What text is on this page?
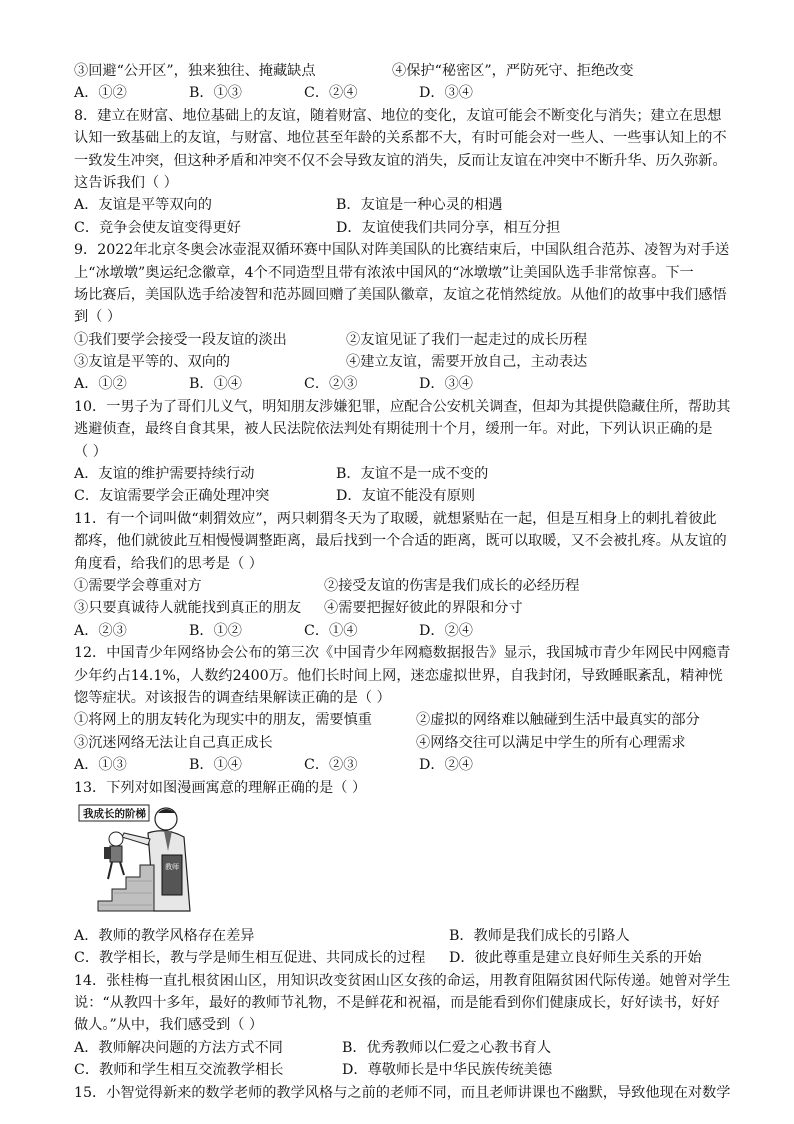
③回避“公开区”，独来独往、掩藏缺点	④保护“秘密区”，严防死守、拒绝改变
A．①②	B．①③	C．②④	D．③④
8．建立在财富、地位基础上的友谊，随着财富、地位的变化，友谊可能会不断变化与消失；建立在思想
认知一致基础上的友谊，与财富、地位甚至年龄的关系都不大，有时可能会对一些人、一些事认知上的不
一致发生冲突，但这种矛盾和冲突不仅不会导致友谊的消失，反而让友谊在冲突中不断升华、历久弥新。
这告诉我们（ ）
A．友谊是平等双向的	B．友谊是一种心灵的相遇
C．竞争会使友谊变得更好	D．友谊使我们共同分享，相互分担
9．2022年北京冬奥会冰壶混双循环赛中国队对阵美国队的比赛结束后，中国队组合范苏、凌智为对手送
上“冰墩墩”奥运纪念徽章，4个不同造型且带有浓浓中国风的“冰墩墩”让美国队选手非常惊喜。下一
场比赛后，美国队选手给凌智和范苏圆回赠了美国队徽章，友谊之花悄然绽放。从他们的故事中我们感悟
到（ ）
①我们要学会接受一段友谊的淡出	②友谊见证了我们一起走过的成长历程
③友谊是平等的、双向的	④建立友谊，需要开放自己，主动表达
A．①②	B．①④	C．②③	D．③④
10．一男子为了哥们儿义气，明知朋友涉嫌犯罪，应配合公安机关调查，但却为其提供隐藏住所，帮助其
逃避侦查，最终自食其果，被人民法院依法判处有期徒刑十个月，缓刑一年。对此，下列认识正确的是
（ ）
A．友谊的维护需要持续行动	B．友谊不是一成不变的
C．友谊需要学会正确处理冲突	D．友谊不能没有原则
11．有一个词叫做“刺猬效应”，两只刺猬冬天为了取暖，就想紧贴在一起，但是互相身上的刺扎着彼此
都疼，他们就彼此互相慢慢调整距离，最后找到一个合适的距离，既可以取暖，又不会被扎疼。从友谊的
角度看，给我们的思考是（ ）
①需要学会尊重对方	②接受友谊的伤害是我们成长的必经历程
③只要真诚待人就能找到真正的朋友	④需要把握好彼此的界限和分寸
A．②③	B．①②	C．①④	D．②④
12．中国青少年网络协会公布的第三次《中国青少年网瘾数据报告》显示，我国城市青少年网民中网瘾青
少年约占14.1%，人数约2400万。他们长时间上网，迷恋虚拟世界，自我封闭，导致睡眠紊乱，精神恍
惚等症状。对该报告的调查结果解读正确的是（ ）
①将网上的朋友转化为现实中的朋友，需要慎重	②虚拟的网络难以触碰到生活中最真实的部分
③沉迷网络无法让自己真正成长	④网络交往可以满足中学生的所有心理需求
A．①③	B．①④	C．②③	D．②④
13．下列对如图漫画寓意的理解正确的是（ ）
我成长的阶梯
教师
A．教师的教学风格存在差异	B．教师是我们成长的引路人
C．教学相长，教与学是师生相互促进、共同成长的过程	D．彼此尊重是建立良好师生关系的开始
14．张桂梅一直扎根贫困山区，用知识改变贫困山区女孩的命运，用教育阻隔贫困代际传递。她曾对学生
说：“从教四十多年，最好的教师节礼物，不是鲜花和祝福，而是能看到你们健康成长，好好读书，好好
做人。”从中，我们感受到（ ）
A．教师解决问题的方法方式不同	B．优秀教师以仁爱之心教书育人
C．教师和学生相互交流教学相长	D．尊敬师长是中华民族传统美德
15．小智觉得新来的数学老师的教学风格与之前的老师不同，而且老师讲课也不幽默，导致他现在对数学
